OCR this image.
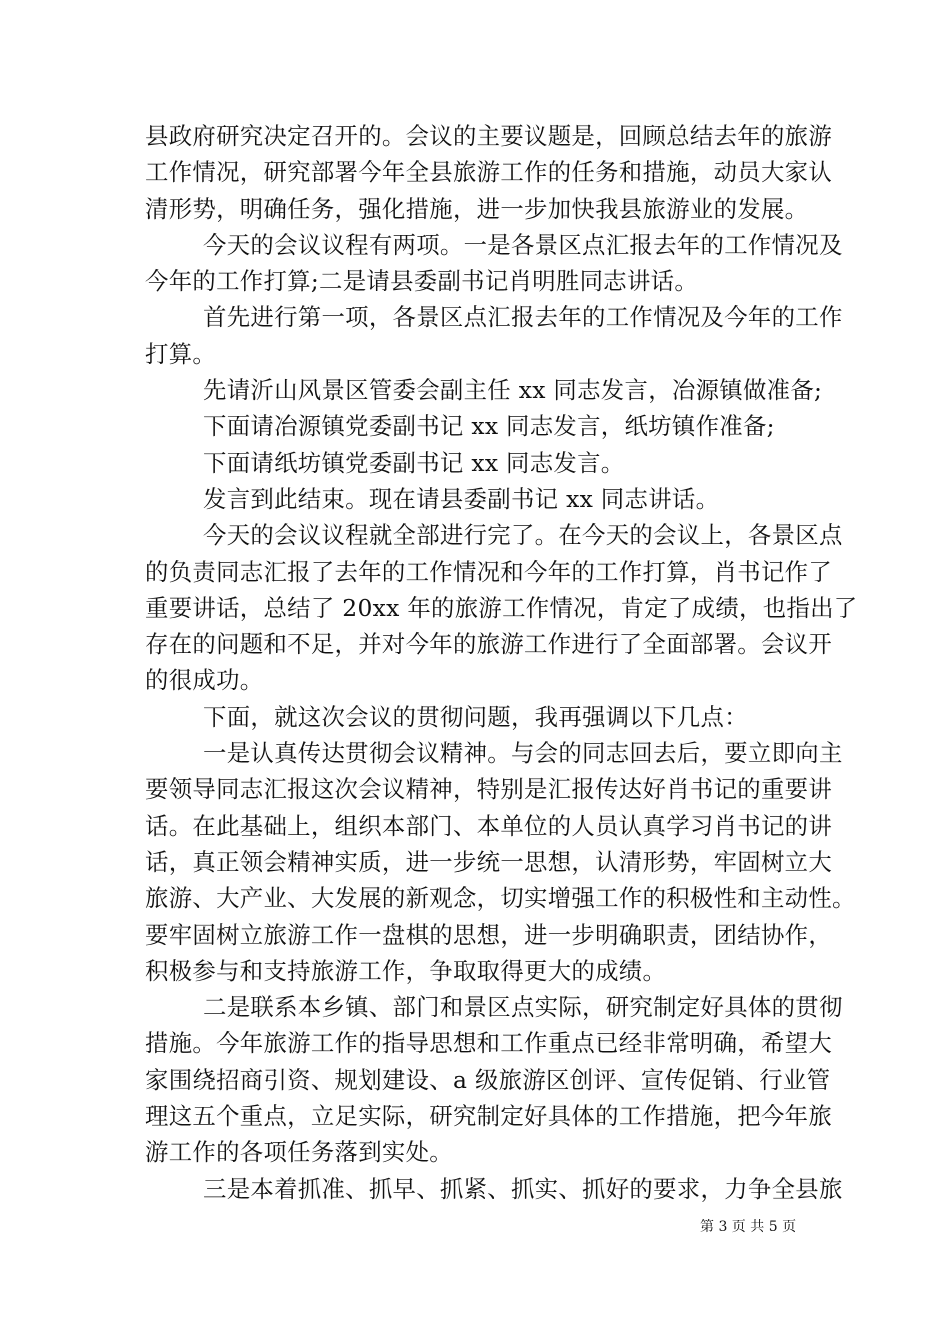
县政府研究决定召开的。会议的主要议题是，回顾总结去年的旅游
工作情况，研究部署今年全县旅游工作的任务和措施，动员大家认
清形势，明确任务，强化措施，进一步加快我县旅游业的发展。
今天的会议议程有两项。一是各景区点汇报去年的工作情况及
今年的工作打算;二是请县委副书记肖明胜同志讲话。
首先进行第一项，各景区点汇报去年的工作情况及今年的工作
打算。
先请沂山风景区管委会副主任 xx 同志发言，冶源镇做准备;
下面请冶源镇党委副书记 xx 同志发言，纸坊镇作准备;
下面请纸坊镇党委副书记 xx 同志发言。
发言到此结束。现在请县委副书记 xx 同志讲话。
今天的会议议程就全部进行完了。在今天的会议上，各景区点
的负责同志汇报了去年的工作情况和今年的工作打算，肖书记作了
重要讲话，总结了 20xx 年的旅游工作情况，肯定了成绩，也指出了
存在的问题和不足，并对今年的旅游工作进行了全面部署。会议开
的很成功。
下面，就这次会议的贯彻问题，我再强调以下几点：
一是认真传达贯彻会议精神。与会的同志回去后，要立即向主
要领导同志汇报这次会议精神，特别是汇报传达好肖书记的重要讲
话。在此基础上，组织本部门、本单位的人员认真学习肖书记的讲
话，真正领会精神实质，进一步统一思想，认清形势，牢固树立大
旅游、大产业、大发展的新观念，切实增强工作的积极性和主动性。
要牢固树立旅游工作一盘棋的思想，进一步明确职责，团结协作，
积极参与和支持旅游工作，争取取得更大的成绩。
二是联系本乡镇、部门和景区点实际，研究制定好具体的贯彻
措施。今年旅游工作的指导思想和工作重点已经非常明确，希望大
家围绕招商引资、规划建设、a 级旅游区创评、宣传促销、行业管
理这五个重点，立足实际，研究制定好具体的工作措施，把今年旅
游工作的各项任务落到实处。
三是本着抓准、抓早、抓紧、抓实、抓好的要求，力争全县旅
第 3 页 共 5 页
